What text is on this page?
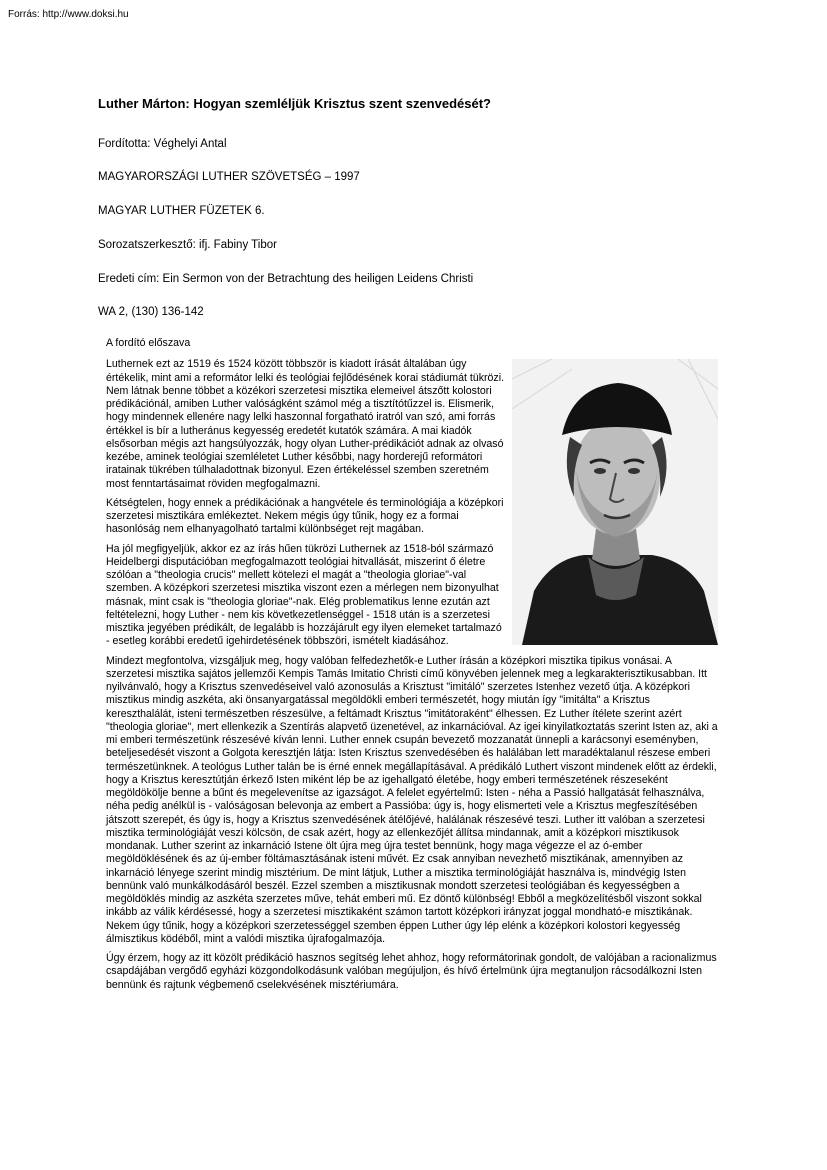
Forrás: http://www.doksi.hu
Luther Márton: Hogyan szemléljük Krisztus szent szenvedését?
Fordította: Véghelyi Antal
MAGYARORSZÁGI LUTHER SZÖVETSÉG – 1997
MAGYAR LUTHER FÜZETEK 6.
Sorozatszerkesztő: ifj. Fabiny Tibor
Eredeti cím: Ein Sermon von der Betrachtung des heiligen Leidens Christi
WA 2, (130) 136-142

A fordító előszava

Luthernek ezt az 1519 és 1524 között többször is kiadott írását általában úgy értékelik, mint ami a reformátor lelki és teológiai fejlődésének korai stádiumát tükrözi. Nem látnak benne többet a közékori szerzetesi misztika elemeivel átszőtt kolostori prédikációnál, amiben Luther valóságként számol még a tisztítótűzzel is. Elismerik, hogy mindennek ellenére nagy lelki haszonnal forgatható iratról van szó, ami forrás értékkel is bír a lutheránus kegyesség eredetét kutatók számára. A mai kiadók elsősorban mégis azt hangsúlyozzák, hogy olyan Luther-prédikációt adnak az olvasó kezébe, aminek teológiai szemléletet Luther későbbi, nagy horderejű reformátori iratainak tükrében túlhaladottnak bizonyul. Ezen értékeléssel szemben szeretném most fenntartásaimat röviden megfogalmazni.

Kétségtelen, hogy ennek a prédikációnak a hangvétele és terminológiája a középkori szerzetesi misztikára emlékeztet. Nekem mégis úgy tűnik, hogy ez a formai hasonlóság nem elhanyagolható tartalmi különbséget rejt magában.

Ha jól megfigyeljük, akkor ez az írás hűen tükrözi Luthernek az 1518-ból származó Heidelbergi disputációban megfogalmazott teológiai hitvallását, miszerint ő életre szólóan a "theologia crucis" mellett kötelezi el magát a "theologia gloriae"-val szemben. A középkori szerzetesi misztika viszont ezen a mérlegen nem bizonyulhat másnak, mint csak is "theologia gloriae"-nak. Elég problematikus lenne ezután azt feltételezni, hogy Luther - nem kis következetlenséggel - 1518 után is a szerzetesi misztika jegyében prédikált, de legalább is hozzájárult egy ilyen elemeket tartalmazó - esetleg korábbi eredetű igehirdetésének többszöri, ismételt kiadásához.

Mindezt megfontolva, vizsgáljuk meg, hogy valóban felfedezhetők-e Luther írásán a középkori misztika tipikus vonásai. A szerzetesi misztika sajátos jellemzői Kempis Tamás Imitatio Christi című könyvében jelennek meg a legkarakterisztikusabban. Itt nyilvánvaló, hogy a Krisztus szenvedéseivel való azonosulás a Krisztust "imitáló" szerzetes Istenhez vezető útja. A középkori misztikus mindig aszkéta, aki önsanyargatással megöldökli emberi természetét, hogy miután így "imitálta" a Krisztus kereszthalálát, isteni természetben részesülve, a feltámadt Krisztus "imitátoraként" élhessen. Ez Luther ítélete szerint azért "theologia gloriae", mert ellenkezik a Szentírás alapvető üzenetével, az inkarnációval. Az igei kinyilatkoztatás szerint Isten az, aki a mi emberi természetünk részesévé kíván lenni. Luther ennek csupán bevezető mozzanatát ünnepli a karácsonyi eseményben, beteljesedését viszont a Golgota keresztjén látja: Isten Krisztus szenvedésében és halálában lett maradéktalanul részese emberi természetünknek. A teológus Luther talán be is érné ennek megállapításával. A prédikáló Luthert viszont mindenek előtt az érdekli, hogy a Krisztus keresztútján érkező Isten miként lép be az igehallgató életébe, hogy emberi természetének részeseként megöldökölje benne a bűnt és megelevenítse az igazságot. A felelet egyértelmű: Isten - néha a Passió hallgatását felhasználva, néha pedig anélkül is - valóságosan belevonja az embert a Passióba: úgy is, hogy elismerteti vele a Krisztus megfeszítésében játszott szerepét, és úgy is, hogy a Krisztus szenvedésének átélőjévé, halálának részesévé teszi. Luther itt valóban a szerzetesi misztika terminológiáját veszi kölcsön, de csak azért, hogy az ellenkezőjét állítsa mindannak, amit a középkori misztikusok mondanak. Luther szerint az inkarnáció Istene ölt újra meg újra testet bennünk, hogy maga végezze el az ó-ember megöldöklésének és az új-ember föltámasztásának isteni művét. Ez csak annyiban nevezhető misztikának, amennyiben az inkarnáció lényege szerint mindig misztérium. De mint látjuk, Luther a misztika terminológiáját használva is, mindvégig Isten bennünk való munkálkodásáról beszél. Ezzel szemben a misztikusnak mondott szerzetesi teológiában és kegyességben a megöldöklés mindig az aszkéta szerzetes műve, tehát emberi mű. Ez döntő különbség! Ebből a megközelítésből viszont sokkal inkább az válik kérdésessé, hogy a szerzetesi misztikaként számon tartott középkori irányzat joggal mondható-e misztikának. Nekem úgy tűnik, hogy a középkori szerzetességgel szemben éppen Luther úgy lép elénk a középkori kolostori kegyesség álmisztikus ködéből, mint a valódi misztika újrafogalmazója.

Úgy érzem, hogy az itt közölt prédikáció hasznos segítség lehet ahhoz, hogy reformátorinak gondolt, de valójában a racionalizmus csapdájában vergődő egyházi közgondolkodásunk valóban megújuljon, és hívő értelmünk újra megtanuljon rácsodálkozni Isten bennünk és rajtunk végbemenő cselekvésének misztériumára.
